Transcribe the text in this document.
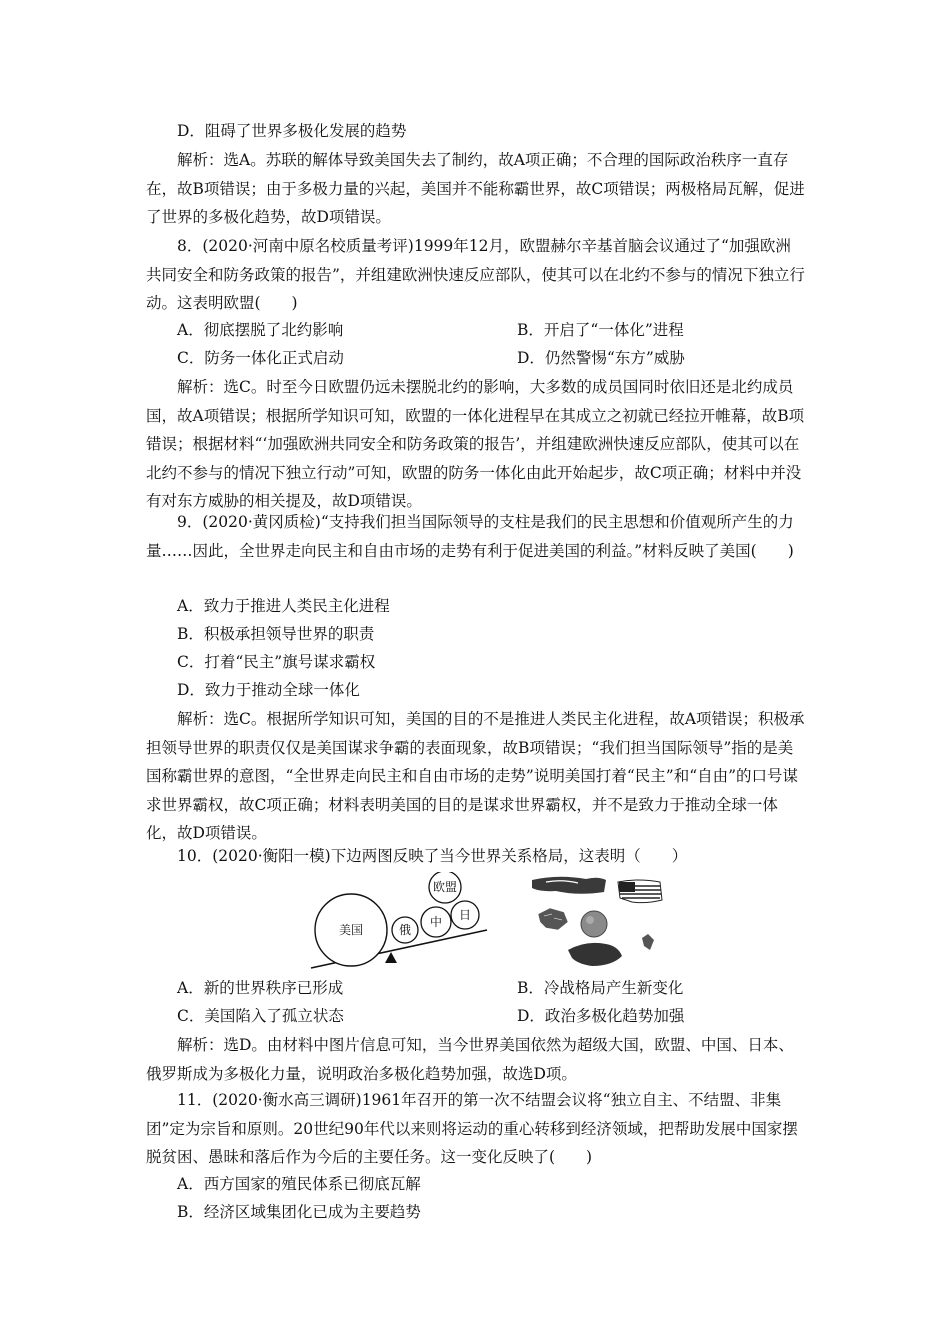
D．阻碍了世界多极化发展的趋势
解析：选A。苏联的解体导致美国失去了制约，故A项正确；不合理的国际政治秩序一直存在，故B项错误；由于多极力量的兴起，美国并不能称霸世界，故C项错误；两极格局瓦解，促进了世界的多极化趋势，故D项错误。
8．(2020·河南中原名校质量考评)1999年12月，欧盟赫尔辛基首脑会议通过了“加强欧洲共同安全和防务政策的报告”，并组建欧洲快速反应部队，使其可以在北约不参与的情况下独立行动。这表明欧盟(　　)
A．彻底摆脱了北约影响	B．开启了“一体化”进程
C．防务一体化正式启动	D．仍然警惕“东方”威胁
解析：选C。时至今日欧盟仍远未摆脱北约的影响，大多数的成员国同时依旧还是北约成员国，故A项错误；根据所学知识可知，欧盟的一体化进程早在其成立之初就已经拉开帷幕，故B项错误；根据材料“‘加强欧洲共同安全和防务政策的报告’，并组建欧洲快速反应部队，使其可以在北约不参与的情况下独立行动”可知，欧盟的防务一体化由此开始起步，故C项正确；材料中并没有对东方威胁的相关提及，故D项错误。
9．(2020·黄冈质检)“支持我们担当国际领导的支柱是我们的民主思想和价值观所产生的力量……因此，全世界走向民主和自由市场的走势有利于促进美国的利益。”材料反映了美国(　　)
A．致力于推进人类民主化进程
B．积极承担领导世界的职责
C．打着“民主”旗号谋求霸权
D．致力于推动全球一体化
解析：选C。根据所学知识可知，美国的目的不是推进人类民主化进程，故A项错误；积极承担领导世界的职责仅仅是美国谋求争霸的表面现象，故B项错误；“我们担当国际领导”指的是美国称霸世界的意图，“全世界走向民主和自由市场的走势”说明美国打着“民主”和“自由”的口号谋求世界霸权，故C项正确；材料表明美国的目的是谋求世界霸权，并不是致力于推动全球一体化，故D项错误。
10．(2020·衡阳一模)下边两图反映了当今世界关系格局，这表明（　　）
美国	俄
中 日
欧盟
A．新的世界秩序已形成	B．冷战格局产生新变化
C．美国陷入了孤立状态	D．政治多极化趋势加强
解析：选D。由材料中图片信息可知，当今世界美国依然为超级大国，欧盟、中国、日本、俄罗斯成为多极化力量，说明政治多极化趋势加强，故选D项。
11．(2020·衡水高三调研)1961年召开的第一次不结盟会议将“独立自主、不结盟、非集团”定为宗旨和原则。20世纪90年代以来则将运动的重心转移到经济领域，把帮助发展中国家摆脱贫困、愚昧和落后作为今后的主要任务。这一变化反映了(　　)
A．西方国家的殖民体系已彻底瓦解
B．经济区域集团化已成为主要趋势
